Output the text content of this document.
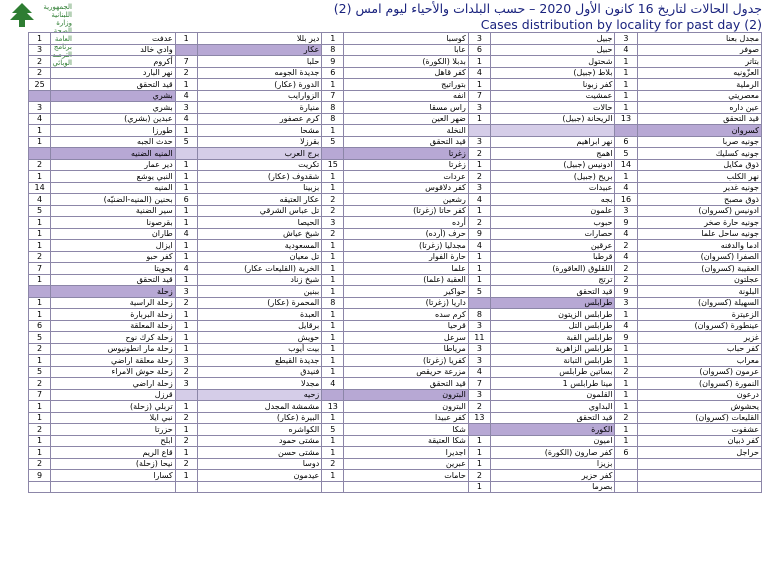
الجمهورية اللبنانية
وزارة الصحة العامة
برنامج الترصد الوبائي
جدول الحالات لتاريخ 16 كانون الأول 2020 – حسب البلدات والأحياء ليوم امس (2)
Cases distribution by locality for past day (2)
مجدل بعنا	3	جبيل	3	كوسبا	1	دير بللا	1	عدفت	1
صوفر	4	حبيل	6	عابا	8	عكار		وادي خالد	3
بتاتر	1	شحتول	1	بدبلا (الكورة)	9	حلبا	7	أكروم	2
العزّونيه	1	بلاط (جبيل)	4	كفر قاهل	6	جديدة الجومه	2	نهر البارد	2
الرملية	1	كفر زبونا	1	بتوراتيج	1	الدورة (عكار)	1	قيد التحقق	25
معصريتي	1	عمشيت	7	انفه	7	الزوارايب	4	بشري	
عين داره	1	حالات	3	راس مسقا	8	منيارة	3	بشري	3
قيد التحقق	13	الريحانة (جبيل)	1	ضهر العين	8	كرم عصفور	4	عبدين (بشري)	4
كسروان				النخلة	1	مشحا	1	طورزا	1
جونيه صربا	6	نهر ابراهيم	3	قيد التحقق	5	بقرزلا	5	حدث الجبه	1
جونيه كسليك	5	اهمج	2	زغرتا		برج العرب		المنيه الضنيه	
ذوق مكايل	14	ادونيس (جبيل)	1	زغرتا	15	تكريت	1	دير عمار	2
نهر الكلب	1	بريح (جبيل)	2	عردات	1	شقدوف (عكار)	1	النبي يوشع	1
جونيه غدير	4	عبيدات	3	كفر دلاقوس	1	بزبينا	1	المنيه	14
ذوق مصبح	16	بجه	4	رشعين	2	عكار العتيقه	6	بحنين (المنيه-الضنيّه)	4
ادونيس (كسروان)	3	علمون	1	كفر حاتا (زغرتا)	2	تل عباس الشرقي	1	سير الضنية	5
جونيه حارة صخر	9	حبوب	2	أرده	3	الحيصا	1	بقرصونا	1
جونيه ساحل علما	4	حصارات	9	حرف (أرده)	2	شيخ عياش	4	طاران	1
ادما والدفنه	2	عرقين	4	مجدليا (زغرتا)	1	المسعودية	1	ايزال	1
الصفرا (كسروان)	4	قرطبا	1	حارة الفوار	1	تل معيان	1	كفر حبو	2
العقيبة (كسروان)	2	اللقلوق (العاقورة)	1	علما	1	الخربة (القليعات عكار)	4	بحويتا	7
عجلتون	2	ترتج	1	العقبة (علما)	1	شيخ زناد	1	قيد التحقق	1
البلونة	9	قيد التحقق	5	حواكير	1	ببنين	3	زحلة	
السهيلة (كسروان)	3	طرابلس		داريا (زغرتا)	8	المحمرة (عكار)	2	زحلة الراسية	1
الزعيترة	1	طرابلس الزيتون	8	كرم سده	1	العبدة	1	زحلة البربارة	1
عينطورة (كسروان)	4	طرابلس التل	3	قرحيا	1	برقايل	1	زحلة المعلقة	6
غزير	9	طرابلس القبة	11	سرعل	1	حويش	1	زحلة كرك نوح	5
كفر حباب	1	طرابلس الزاهرية	3	مرياطا	1	بيت أيوب	1	زحلة مار انطونيوس	2
معراب	1	طرابلس التبانة	3	كفريا (زغرتا)	1	جديدة القيطع	3	زحلة معلقة اراضي	1
عرمون (كسروان)	2	بساتين طرابلس	4	مزرعة حريقص	1	فنيدق	2	زحلة حوش الامراء	5
النمورة (كسروان)	1	مينا طرابلس 1	7	قيد التحقق	4	مجدلا	3	زحلة اراضي	2
درعون	1	القلمون	3	البترون		زحيه		قرزل	7
يحشوش	1	البداوي	2	البترون	13	مشمشة المجدل	1	تربلي (زحلة)	1
القليعات (كسروان)	2	قيد التحقق	13	كفر عبيدا	1	البيرة (عكار)	2	نبي ايلا	1
عشقوت	1	الكورة		شكا	5	الكواشره	1	حزرتا	2
كفر ذبيان	1	اميون	1	شكا العتيقة	1	مشتى حمود	2	ابلح	1
حراجل	6	كفر صارون (الكورة)	1	اجديرا	1	مشتى حسن	1	قاع الريم	1
		بزيزا	1	عبرين	2	دوسا	2	نيحا (زحلة)	2
		كفر حزير	2	حامات	1	عيدمون	1	كسارا	9
		بصرما	1						
